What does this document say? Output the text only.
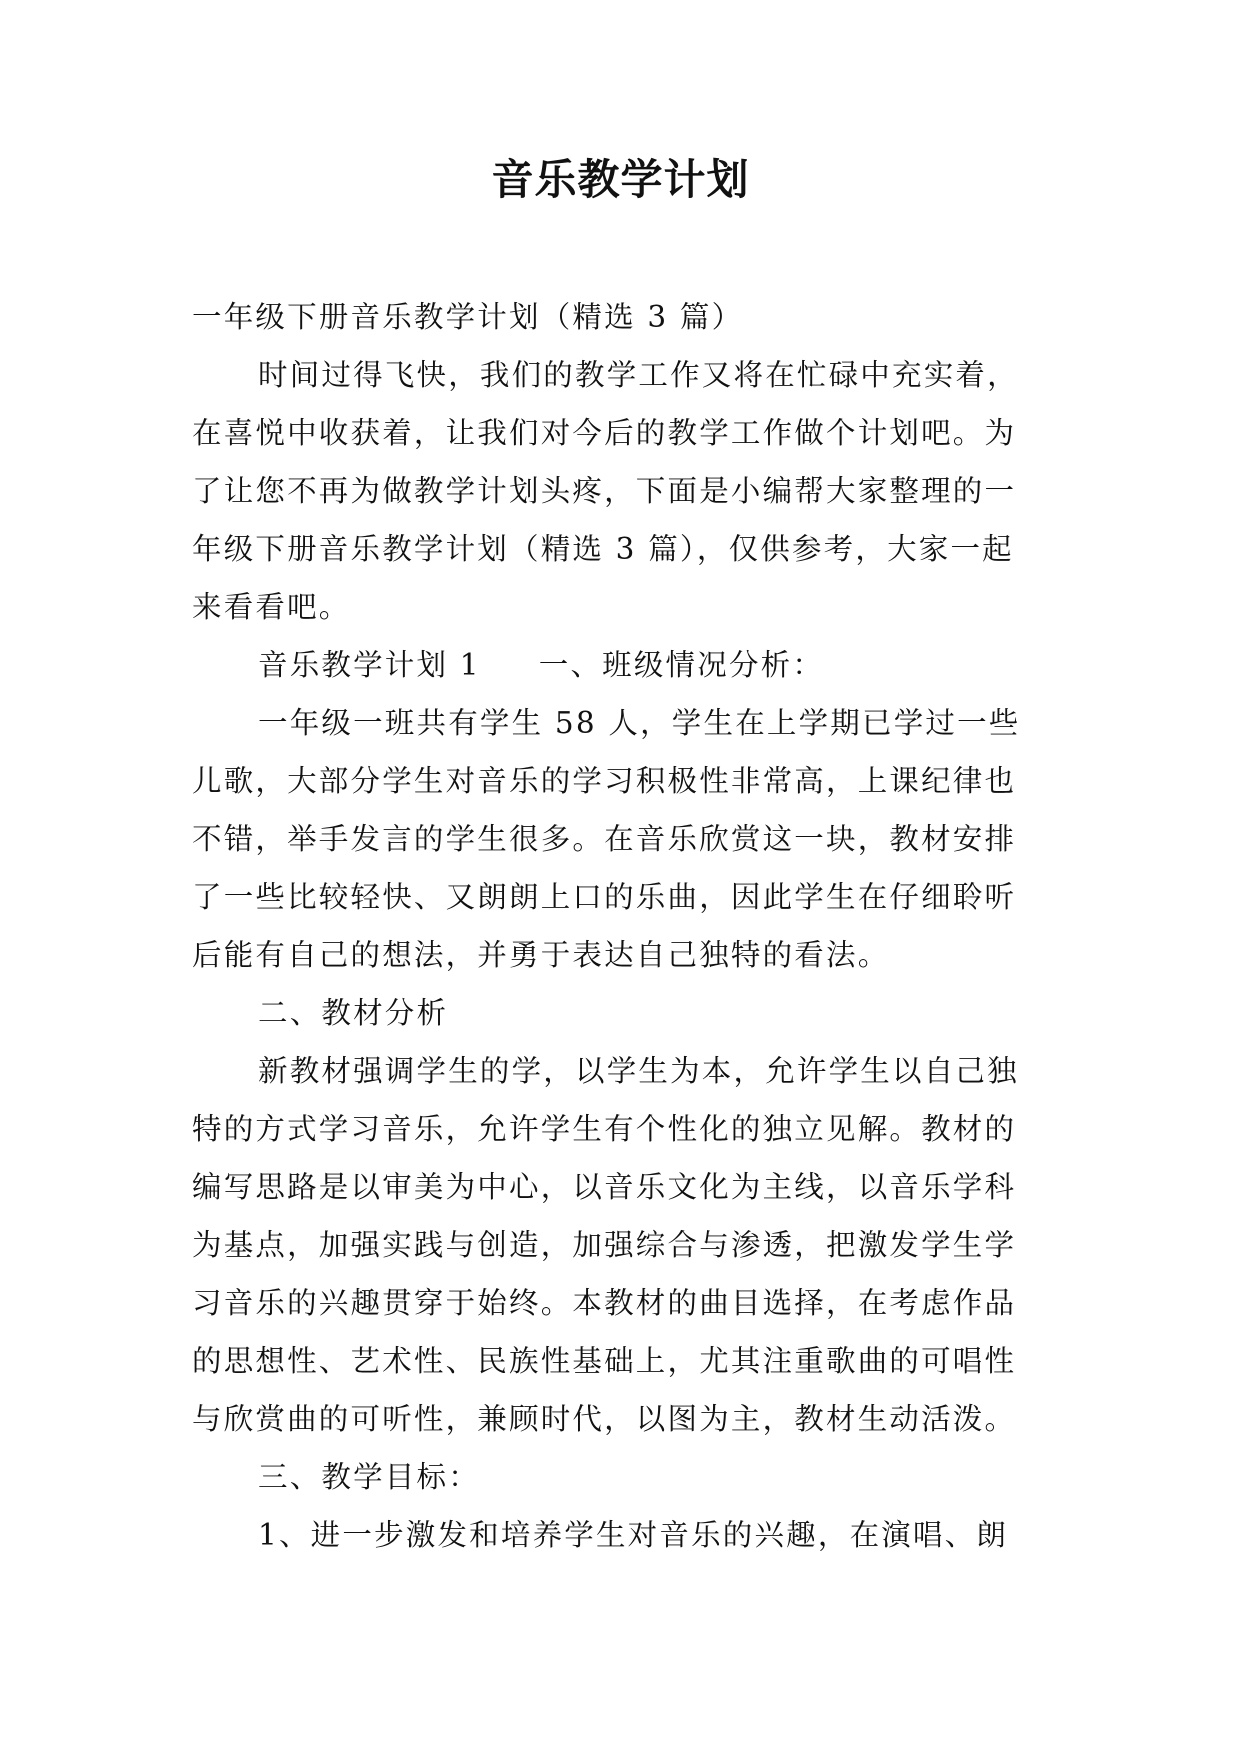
音乐教学计划
一年级下册音乐教学计划（精选 3 篇）
时间过得飞快，我们的教学工作又将在忙碌中充实着，
在喜悦中收获着，让我们对今后的教学工作做个计划吧。为
了让您不再为做教学计划头疼，下面是小编帮大家整理的一
年级下册音乐教学计划（精选 3 篇），仅供参考，大家一起
来看看吧。
音乐教学计划 1 一、班级情况分析：
一年级一班共有学生 58 人，学生在上学期已学过一些
儿歌，大部分学生对音乐的学习积极性非常高，上课纪律也
不错，举手发言的学生很多。在音乐欣赏这一块，教材安排
了一些比较轻快、又朗朗上口的乐曲，因此学生在仔细聆听
后能有自己的想法，并勇于表达自己独特的看法。
二、教材分析
新教材强调学生的学，以学生为本，允许学生以自己独
特的方式学习音乐，允许学生有个性化的独立见解。教材的
编写思路是以审美为中心，以音乐文化为主线，以音乐学科
为基点，加强实践与创造，加强综合与渗透，把激发学生学
习音乐的兴趣贯穿于始终。本教材的曲目选择，在考虑作品
的思想性、艺术性、民族性基础上，尤其注重歌曲的可唱性
与欣赏曲的可听性，兼顾时代，以图为主，教材生动活泼。
三、教学目标：
1、进一步激发和培养学生对音乐的兴趣，在演唱、朗
